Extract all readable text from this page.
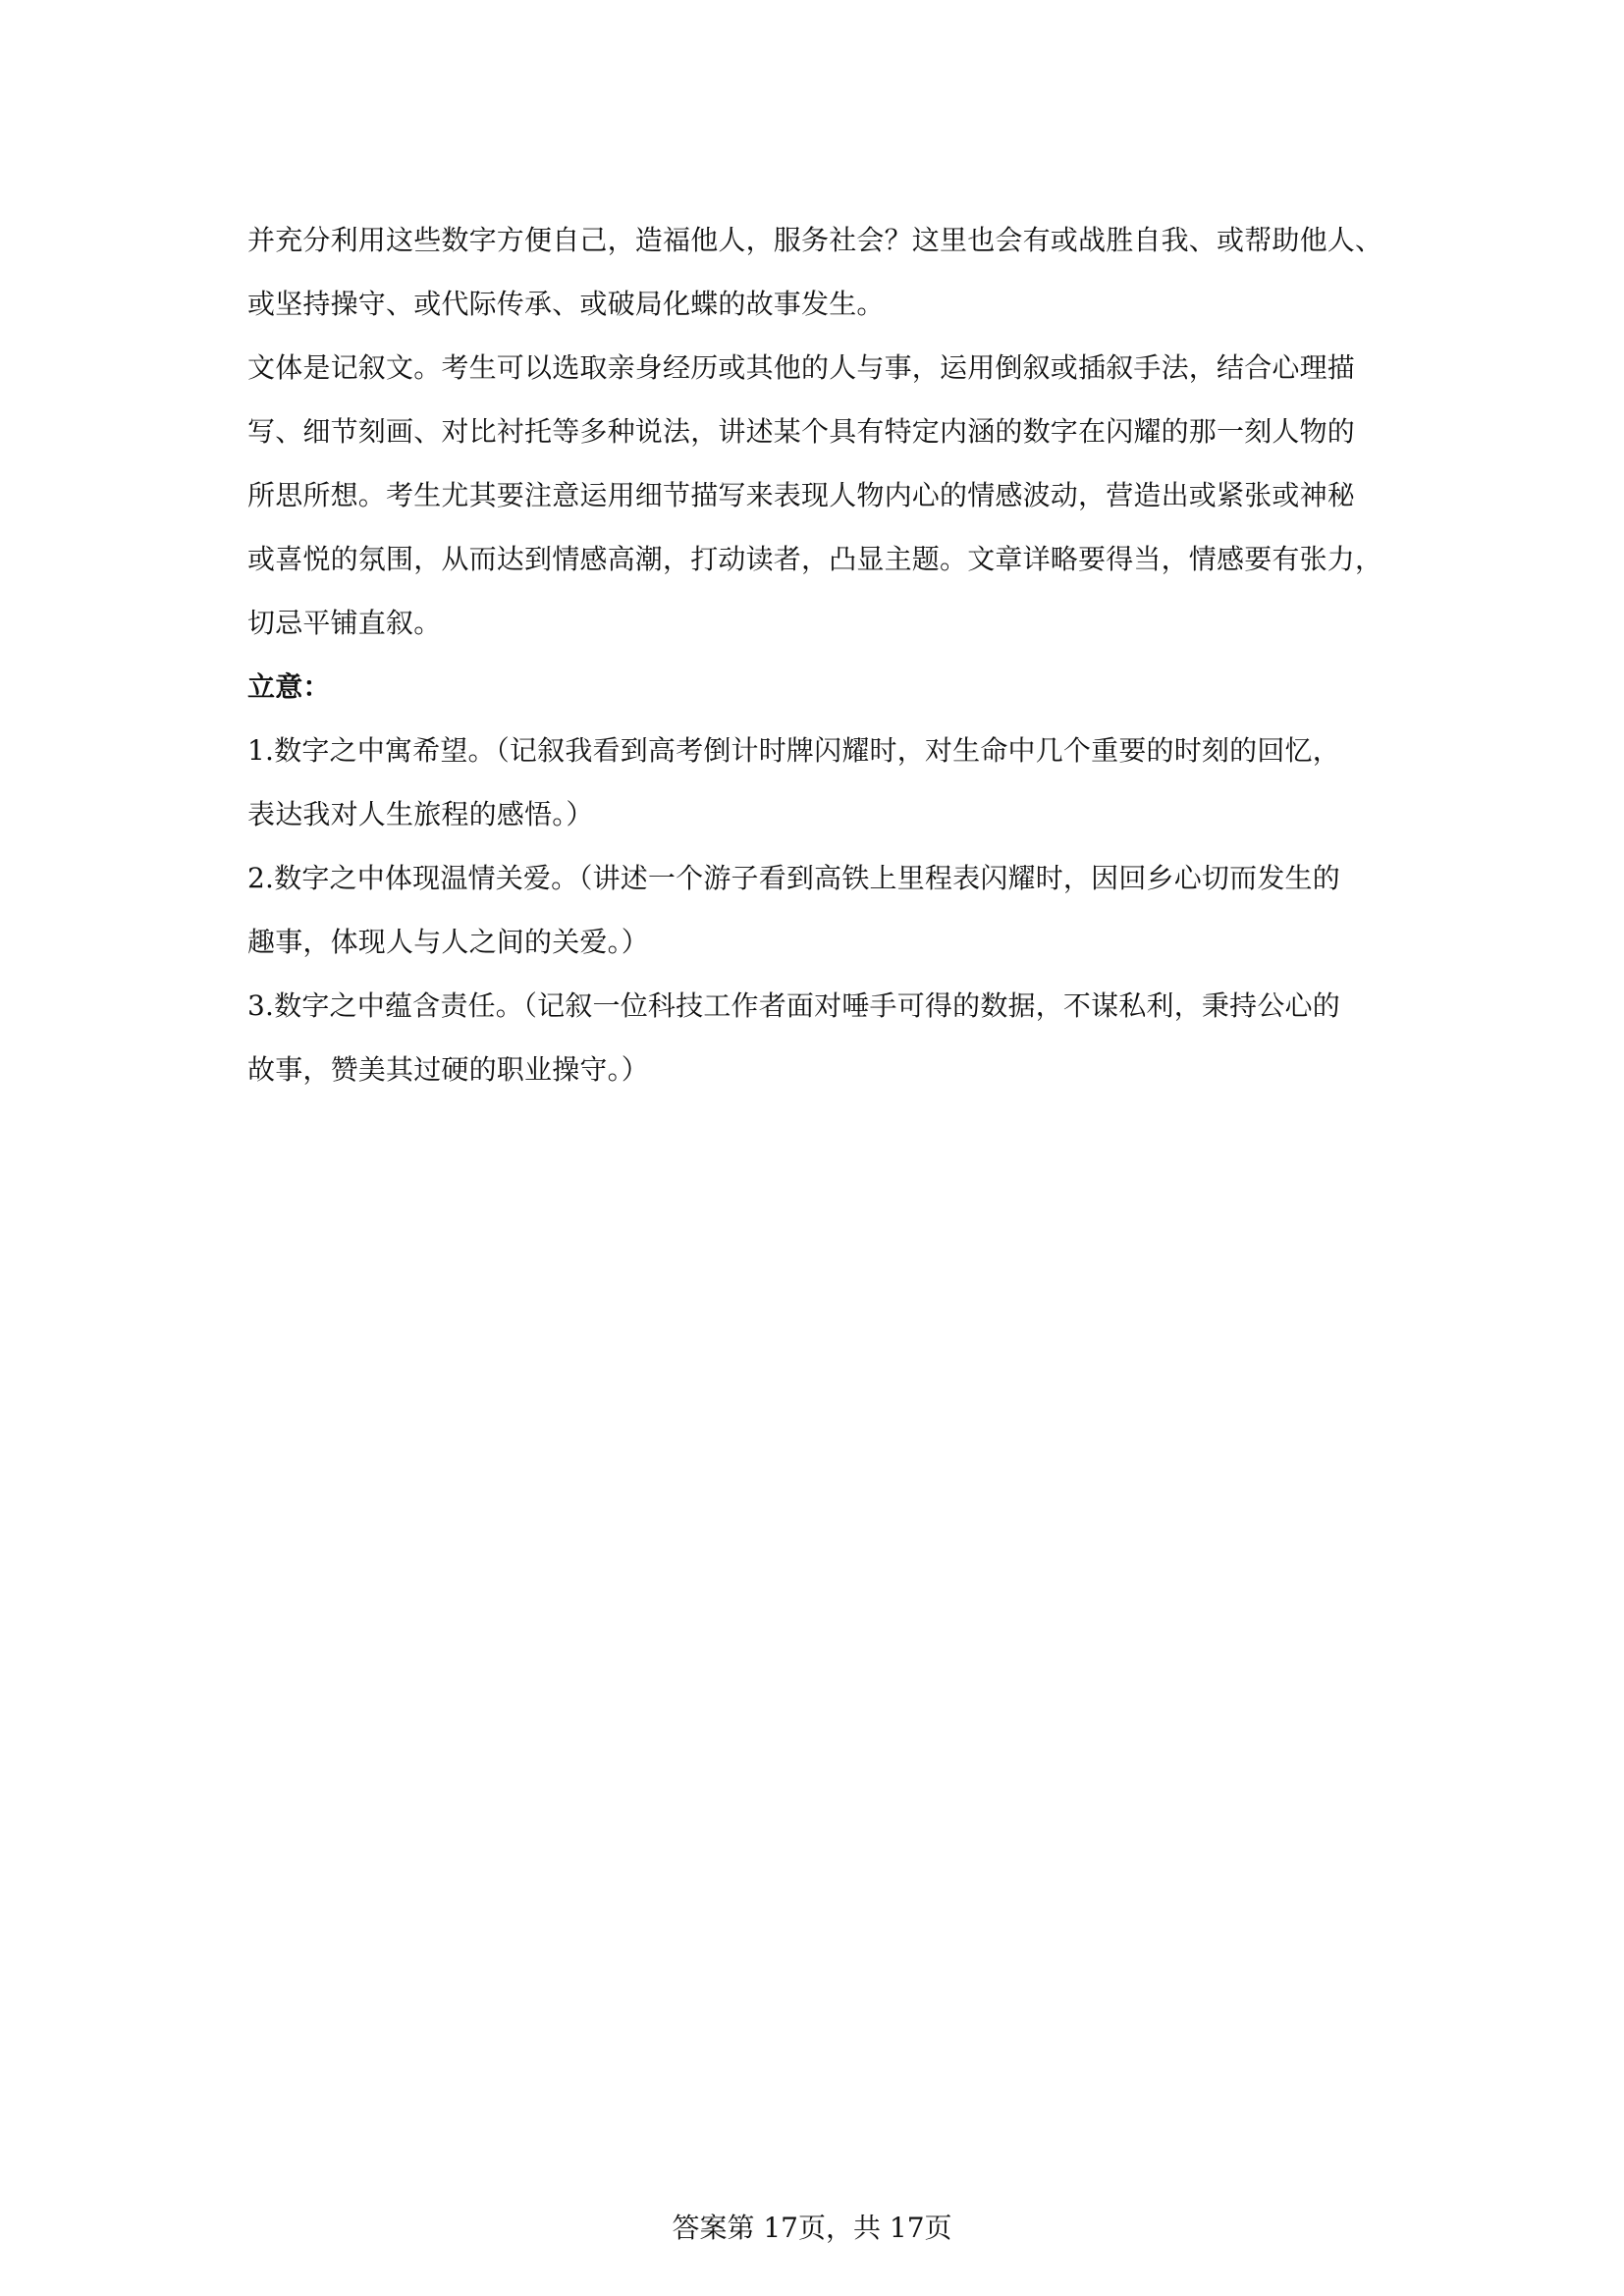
并充分利用这些数字方便自己，造福他人，服务社会？这里也会有或战胜自我、或帮助他人、
或坚持操守、或代际传承、或破局化蝶的故事发生。
文体是记叙文。考生可以选取亲身经历或其他的人与事，运用倒叙或插叙手法，结合心理描
写、细节刻画、对比衬托等多种说法，讲述某个具有特定内涵的数字在闪耀的那一刻人物的
所思所想。考生尤其要注意运用细节描写来表现人物内心的情感波动，营造出或紧张或神秘
或喜悦的氛围，从而达到情感高潮，打动读者，凸显主题。文章详略要得当，情感要有张力，
切忌平铺直叙。
立意：
1.数字之中寓希望。（记叙我看到高考倒计时牌闪耀时，对生命中几个重要的时刻的回忆，
表达我对人生旅程的感悟。）
2.数字之中体现温情关爱。（讲述一个游子看到高铁上里程表闪耀时，因回乡心切而发生的
趣事，体现人与人之间的关爱。）
3.数字之中蕴含责任。（记叙一位科技工作者面对唾手可得的数据，不谋私利，秉持公心的
故事，赞美其过硬的职业操守。）
答案第 17页，共 17页
